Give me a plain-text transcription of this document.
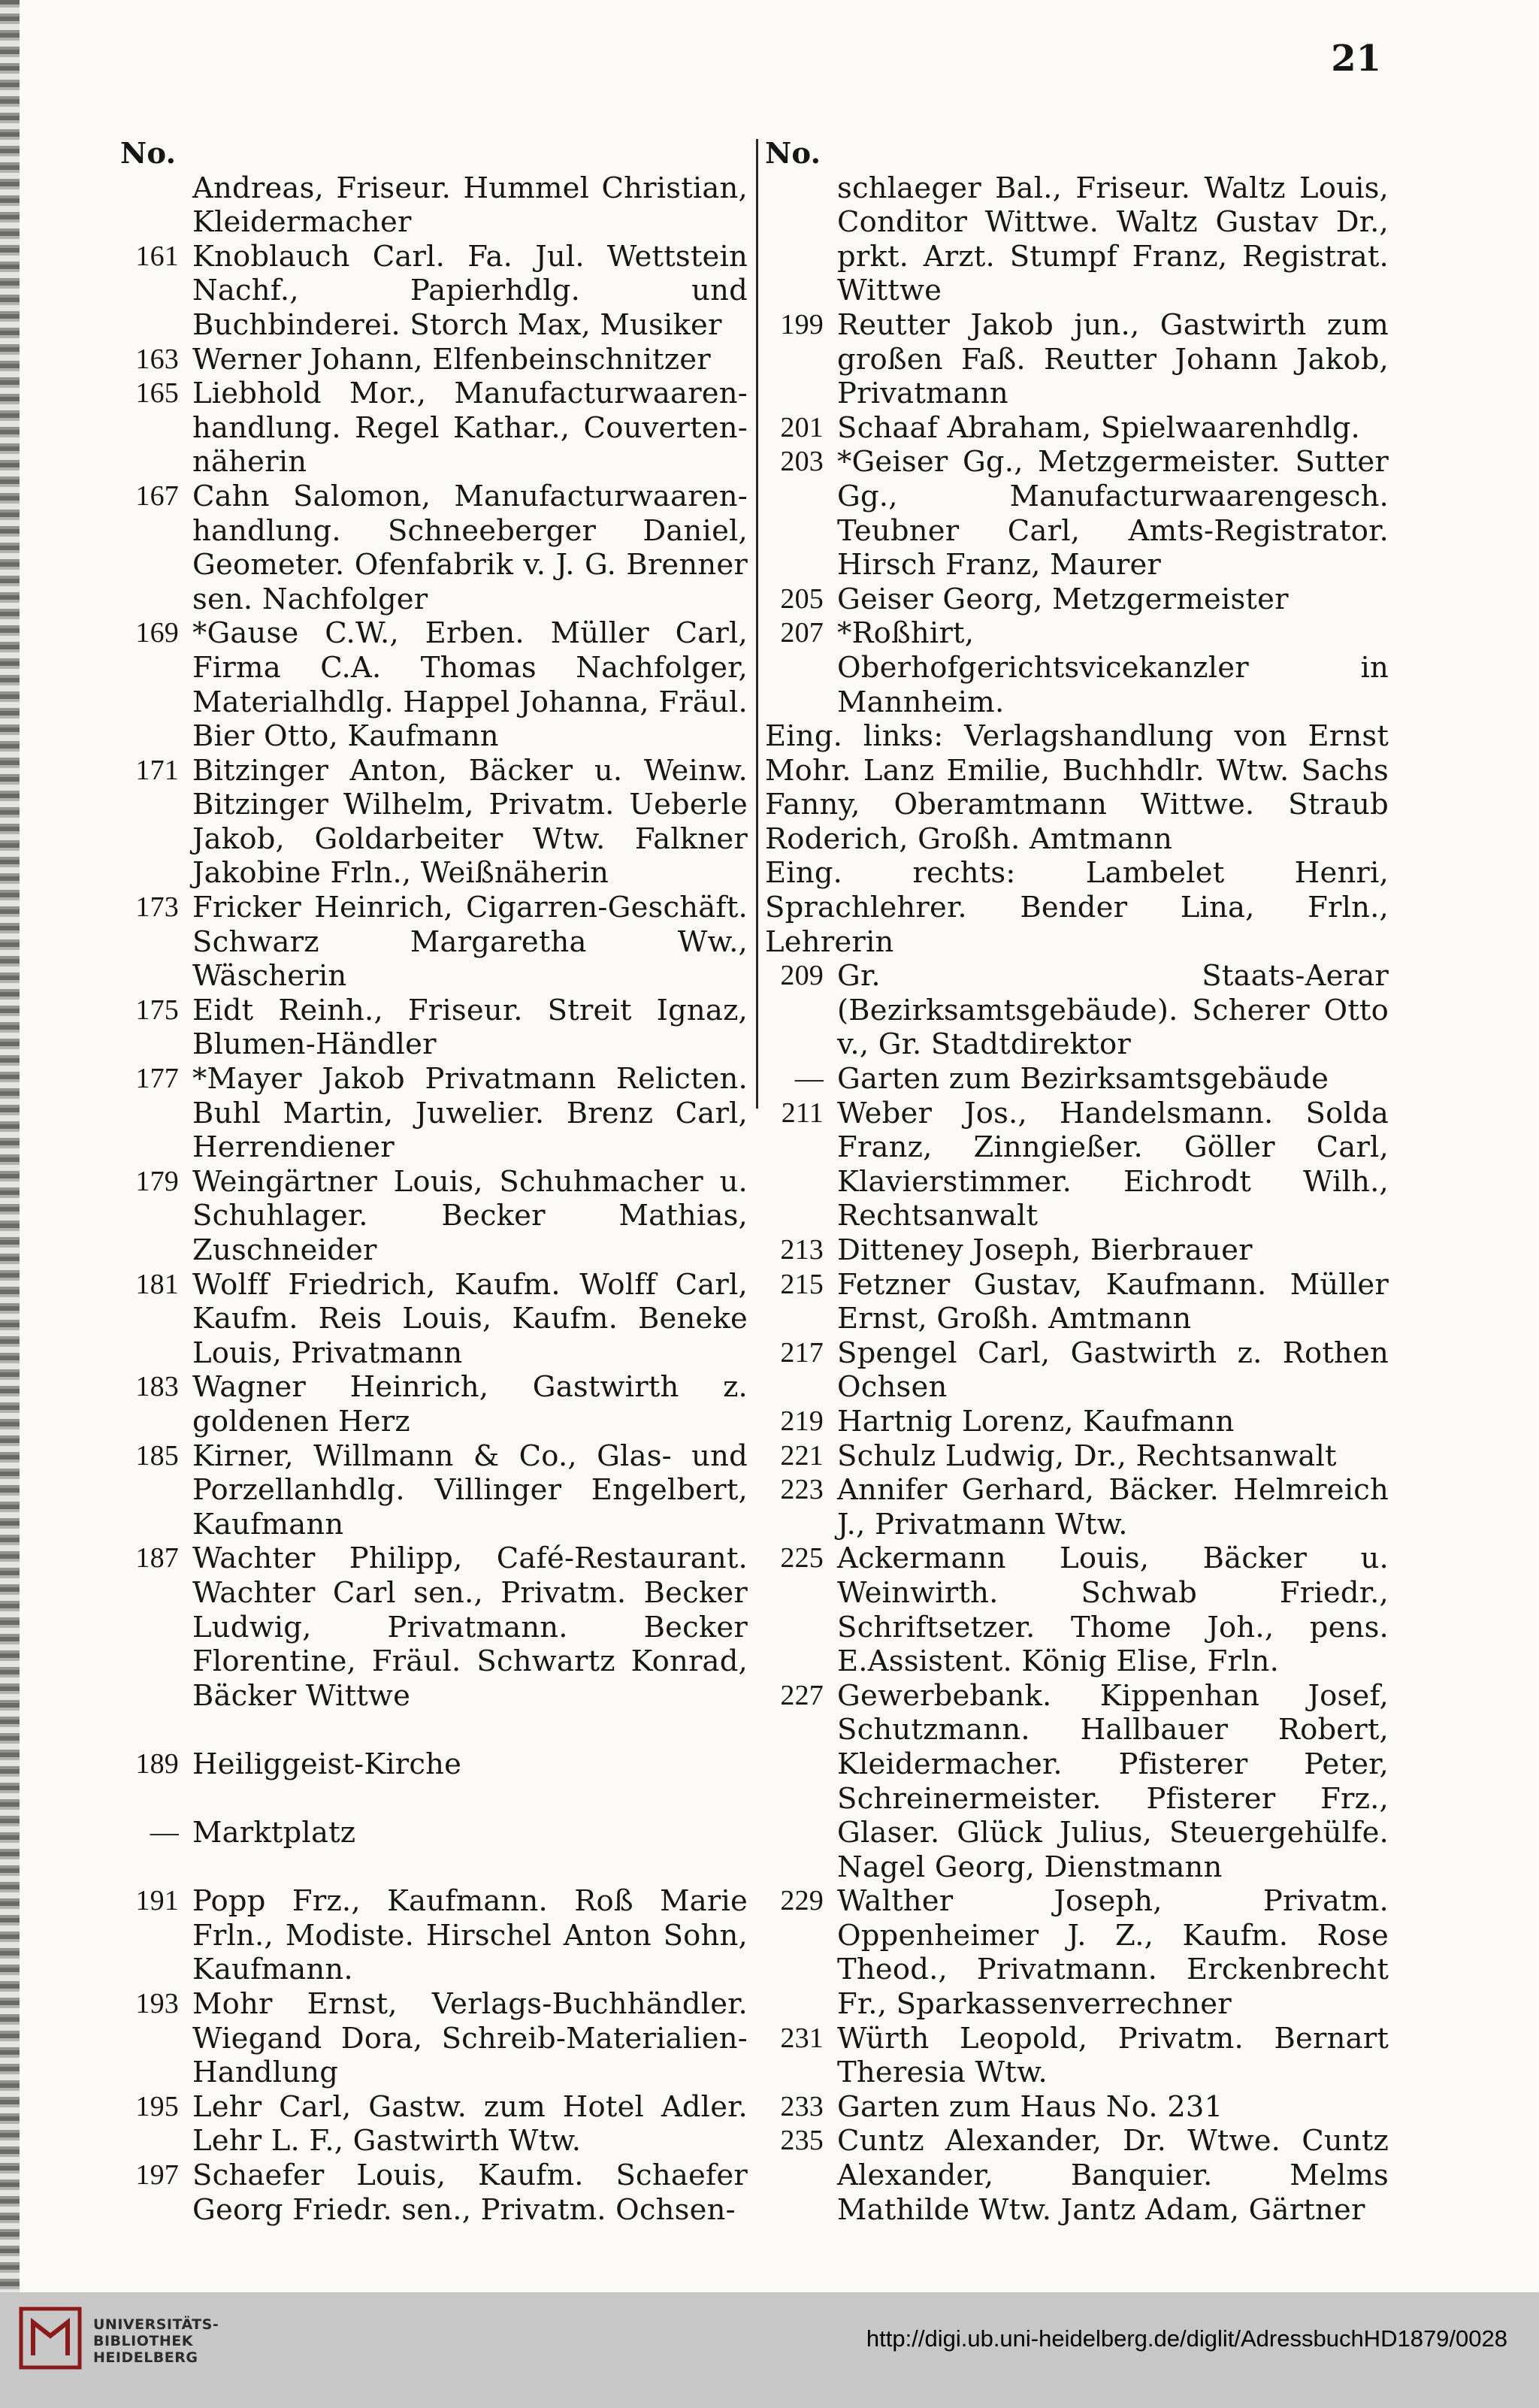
21
No.
Andreas, Friseur. Hummel Christian, Kleidermacher
161 Knoblauch Carl. Fa. Jul. Wettstein Nachf., Papierhdlg. und Buchbinderei. Storch Max, Musiker
163 Werner Johann, Elfenbeinschnitzer
165 Liebhold Mor., Manufacturwaaren-handlung. Regel Kathar., Couverten-näherin
167 Cahn Salomon, Manufacturwaaren-handlung. Schneeberger Daniel, Geometer. Ofenfabrik v. J. G. Brenner sen. Nachfolger
169 *Gause C.W., Erben. Müller Carl, Firma C.A. Thomas Nachfolger, Materialhdlg. Happel Johanna, Fräul. Bier Otto, Kaufmann
171 Bitzinger Anton, Bäcker u. Weinw. Bitzinger Wilhelm, Privatm. Ueberle Jakob, Goldarbeiter Wtw. Falkner Jakobine Frln., Weißnäherin
173 Fricker Heinrich, Cigarren-Geschäft. Schwarz Margaretha Ww., Wäscherin
175 Eidt Reinh., Friseur. Streit Ignaz, Blumen-Händler
177 *Mayer Jakob Privatmann Relicten. Buhl Martin, Juwelier. Brenz Carl, Herrendiener
179 Weingärtner Louis, Schuhmacher u. Schuhlager. Becker Mathias, Zuschneider
181 Wolff Friedrich, Kaufm. Wolff Carl, Kaufm. Reis Louis, Kaufm. Beneke Louis, Privatmann
183 Wagner Heinrich, Gastwirth z. goldenen Herz
185 Kirner, Willmann & Co., Glas- und Porzellanhdlg. Villinger Engelbert, Kaufmann
187 Wachter Philipp, Café-Restaurant. Wachter Carl sen., Privatm. Becker Ludwig, Privatmann. Becker Florentine, Fräul. Schwartz Konrad, Bäcker Wittwe
189 Heiliggeist-Kirche
— Marktplatz
191 Popp Frz., Kaufmann. Roß Marie Frln., Modiste. Hirschel Anton Sohn, Kaufmann.
193 Mohr Ernst, Verlags-Buchhändler. Wiegand Dora, Schreib-Materialien-Handlung
195 Lehr Carl, Gastw. zum Hotel Adler. Lehr L. F., Gastwirth Wtw.
197 Schaefer Louis, Kaufm. Schaefer Georg Friedr. sen., Privatm. Ochsen-
No.
schlaeger Bal., Friseur. Waltz Louis, Conditor Wittwe. Waltz Gustav Dr., prkt. Arzt. Stumpf Franz, Registrat. Wittwe
199 Reutter Jakob jun., Gastwirth zum großen Faß. Reutter Johann Jakob, Privatmann
201 Schaaf Abraham, Spielwaarenhdlg.
203 *Geiser Gg., Metzgermeister. Sutter Gg., Manufacturwaarengesch. Teubner Carl, Amts-Registrator. Hirsch Franz, Maurer
205 Geiser Georg, Metzgermeister
207 *Roßhirt, Oberhofgerichtsvicekanzler in Mannheim.
Eing. links: Verlagshandlung von Ernst Mohr. Lanz Emilie, Buchhdlr. Wtw. Sachs Fanny, Oberamtmann Wittwe. Straub Roderich, Großh. Amtmann
Eing. rechts: Lambelet Henri, Sprachlehrer. Bender Lina, Frln., Lehrerin
209 Gr. Staats-Aerar (Bezirksamtsgebäude). Scherer Otto v., Gr. Stadtdirektor
— Garten zum Bezirksamtsgebäude
211 Weber Jos., Handelsmann. Solda Franz, Zinngießer. Göller Carl, Klavierstimmer. Eichrodt Wilh., Rechtsanwalt
213 Ditteney Joseph, Bierbrauer
215 Fetzner Gustav, Kaufmann. Müller Ernst, Großh. Amtmann
217 Spengel Carl, Gastwirth z. Rothen Ochsen
219 Hartnig Lorenz, Kaufmann
221 Schulz Ludwig, Dr., Rechtsanwalt
223 Annifer Gerhard, Bäcker. Helmreich J., Privatmann Wtw.
225 Ackermann Louis, Bäcker u. Weinwirth. Schwab Friedr., Schriftsetzer. Thome Joh., pens. E.Assistent. König Elise, Frln.
227 Gewerbebank. Kippenhan Josef, Schutzmann. Hallbauer Robert, Kleidermacher. Pfisterer Peter, Schreinermeister. Pfisterer Frz., Glaser. Glück Julius, Steuergehülfe. Nagel Georg, Dienstmann
229 Walther Joseph, Privatm. Oppenheimer J. Z., Kaufm. Rose Theod., Privatmann. Erckenbrecht Fr., Sparkassenverrechner
231 Würth Leopold, Privatm. Bernart Theresia Wtw.
233 Garten zum Haus No. 231
235 Cuntz Alexander, Dr. Wtwe. Cuntz Alexander, Banquier. Melms Mathilde Wtw. Jantz Adam, Gärtner
UNIVERSITÄTS-
BIBLIOTHEK
HEIDELBERG
http://digi.ub.uni-heidelberg.de/diglit/AdressbuchHD1879/0028
